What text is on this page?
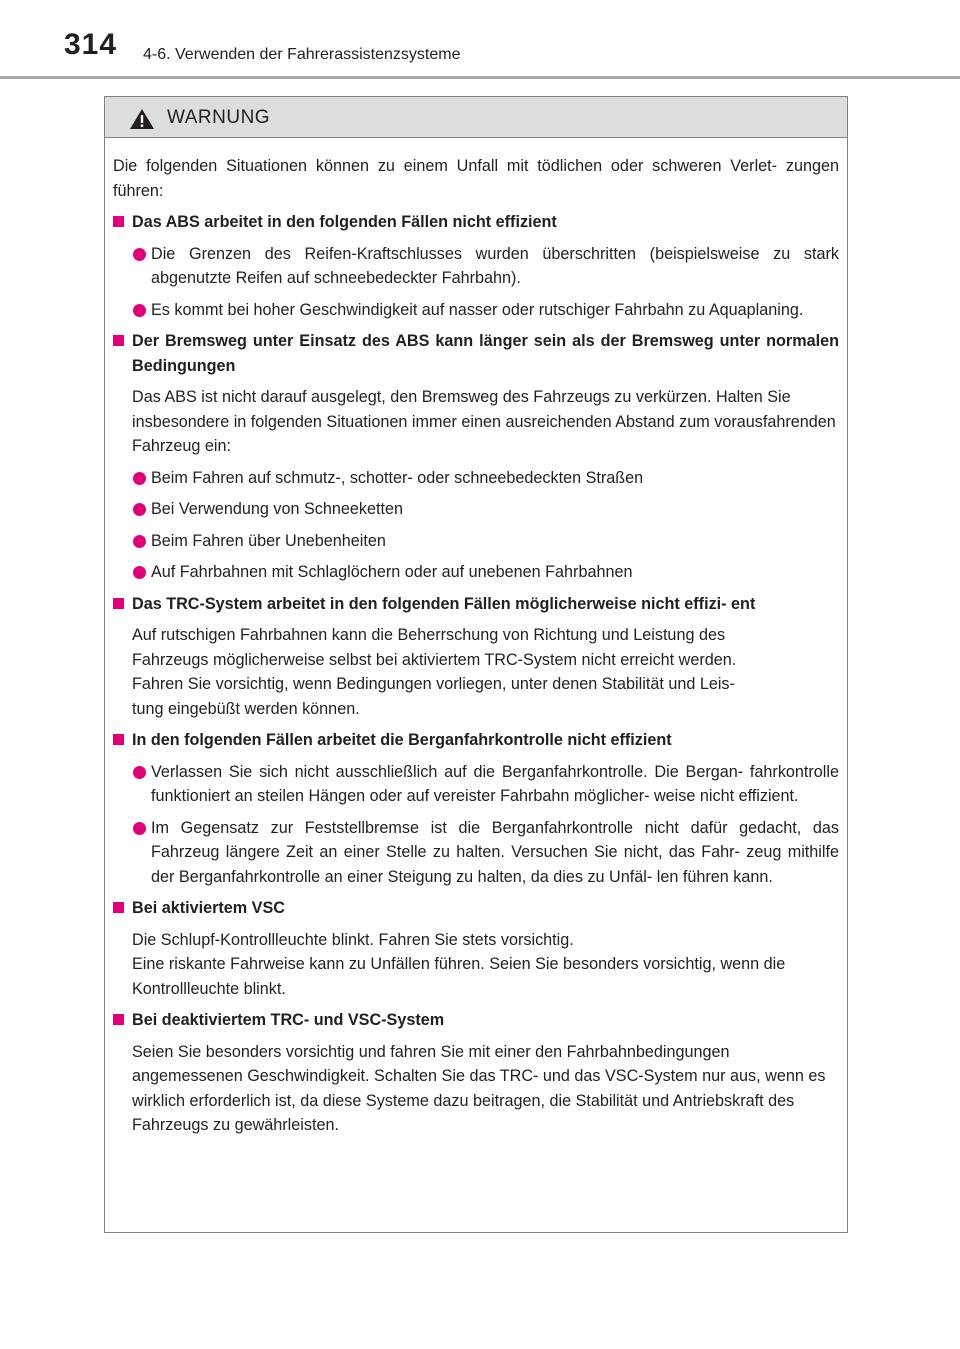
314 4-6. Verwenden der Fahrerassistenzsysteme
WARNUNG

Die folgenden Situationen können zu einem Unfall mit tödlichen oder schweren Verlet- zungen führen:

Das ABS arbeitet in den folgenden Fällen nicht effizient
Die Grenzen des Reifen-Kraftschlusses wurden überschritten (beispielsweise zu stark abgenutzte Reifen auf schneebedeckter Fahrbahn).
Es kommt bei hoher Geschwindigkeit auf nasser oder rutschiger Fahrbahn zu Aquaplaning.
Der Bremsweg unter Einsatz des ABS kann länger sein als der Bremsweg unter normalen Bedingungen

Das ABS ist nicht darauf ausgelegt, den Bremsweg des Fahrzeugs zu verkürzen. Halten Sie insbesondere in folgenden Situationen immer einen ausreichenden Abstand zum vorausfahrenden Fahrzeug ein:

Beim Fahren auf schmutz-, schotter- oder schneebedeckten Straßen
Bei Verwendung von Schneeketten
Beim Fahren über Unebenheiten
Auf Fahrbahnen mit Schlaglöchern oder auf unebenen Fahrbahnen
Das TRC-System arbeitet in den folgenden Fällen möglicherweise nicht effizi- ent
Auf rutschigen Fahrbahnen kann die Beherrschung von Richtung und Leistung des
Fahrzeugs möglicherweise selbst bei aktiviertem TRC-System nicht erreicht werden.
Fahren Sie vorsichtig, wenn Bedingungen vorliegen, unter denen Stabilität und Leis-
tung eingebüßt werden können.
In den folgenden Fällen arbeitet die Berganfahrkontrolle nicht effizient
Verlassen Sie sich nicht ausschließlich auf die Berganfahrkontrolle. Die Bergan- fahrkontrolle funktioniert an steilen Hängen oder auf vereister Fahrbahn möglicher- weise nicht effizient.
Im Gegensatz zur Feststellbremse ist die Berganfahrkontrolle nicht dafür gedacht, das Fahrzeug längere Zeit an einer Stelle zu halten. Versuchen Sie nicht, das Fahr- zeug mithilfe der Berganfahrkontrolle an einer Steigung zu halten, da dies zu Unfäl- len führen kann.
Bei aktiviertem VSC
Die Schlupf-Kontrollleuchte blinkt. Fahren Sie stets vorsichtig.

Eine riskante Fahrweise kann zu Unfällen führen. Seien Sie besonders vorsichtig, wenn die Kontrollleuchte blinkt.

Bei deaktiviertem TRC- und VSC-System

Seien Sie besonders vorsichtig und fahren Sie mit einer den Fahrbahnbedingungen angemessenen Geschwindigkeit. Schalten Sie das TRC- und das VSC-System nur aus, wenn es wirklich erforderlich ist, da diese Systeme dazu beitragen, die Stabilität und Antriebskraft des Fahrzeugs zu gewährleisten.
